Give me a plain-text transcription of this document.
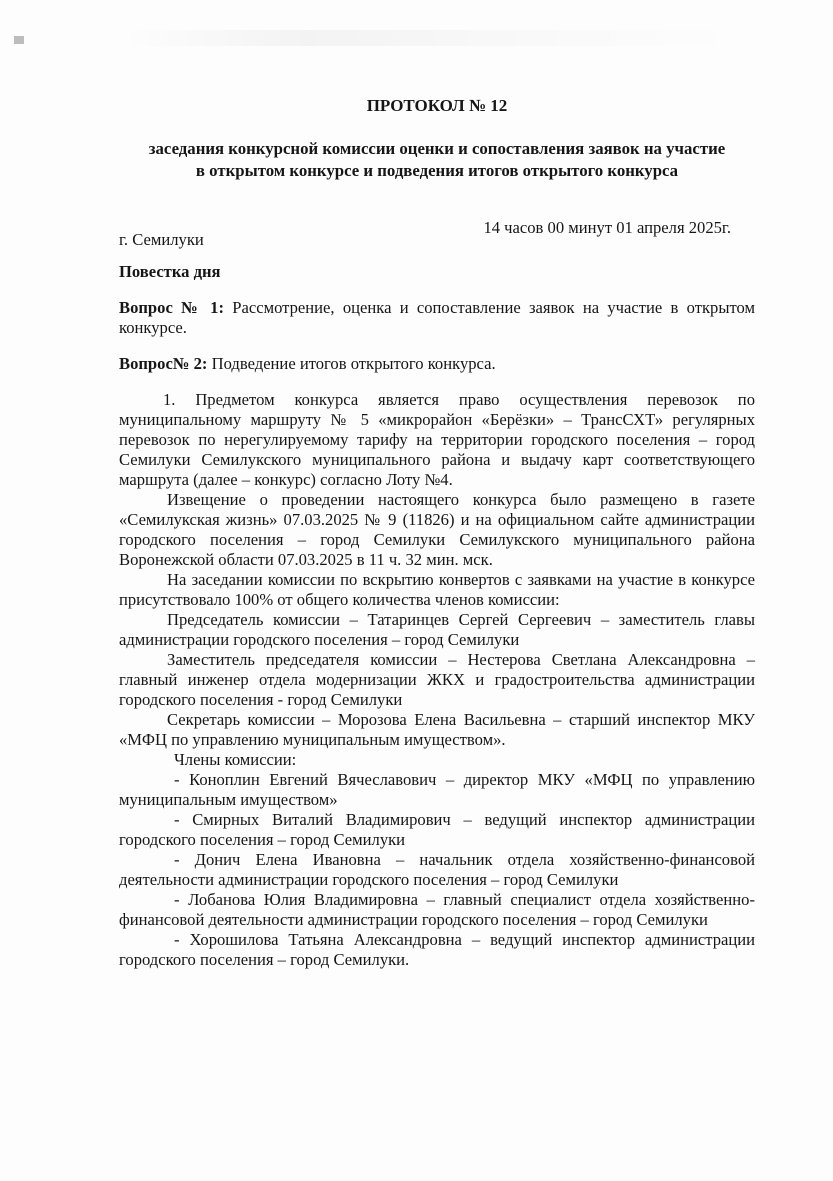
ПРОТОКОЛ № 12
заседания конкурсной комиссии оценки и сопоставления заявок на участие
в открытом конкурсе и подведения итогов открытого конкурса
г. Семилуки
14 часов 00 минут 01 апреля 2025г.
Повестка дня

Вопрос № 1: Рассмотрение, оценка и сопоставление заявок на участие в открытом конкурсе.

Вопрос№ 2: Подведение итогов открытого конкурса.

1. Предметом конкурса является право осуществления перевозок по муниципальному маршруту № 5 «микрорайон «Берёзки» – ТрансСХТ» регулярных перевозок по нерегулируемому тарифу на территории городского поселения – город Семилуки Семилукского муниципального района и выдачу карт соответствующего маршрута (далее – конкурс) согласно Лоту №4.

Извещение о проведении настоящего конкурса было размещено в газете «Семилукская жизнь» 07.03.2025 № 9 (11826) и на официальном сайте администрации городского поселения – город Семилуки Семилукского муниципального района Воронежской области 07.03.2025 в 11 ч. 32 мин. мск.

На заседании комиссии по вскрытию конвертов с заявками на участие в конкурсе присутствовало 100% от общего количества членов комиссии:

Председатель комиссии – Татаринцев Сергей Сергеевич – заместитель главы администрации городского поселения – город Семилуки

Заместитель председателя комиссии – Нестерова Светлана Александровна – главный инженер отдела модернизации ЖКХ и градостроительства администрации городского поселения - город Семилуки

Секретарь комиссии – Морозова Елена Васильевна – старший инспектор МКУ «МФЦ по управлению муниципальным имуществом».

Члены комиссии:

- Коноплин Евгений Вячеславович – директор МКУ «МФЦ по управлению муниципальным имуществом»

- Смирных Виталий Владимирович – ведущий инспектор администрации городского поселения – город Семилуки

- Донич Елена Ивановна – начальник отдела хозяйственно-финансовой деятельности администрации городского поселения – город Семилуки

- Лобанова Юлия Владимировна – главный специалист отдела хозяйственно-финансовой деятельности администрации городского поселения – город Семилуки

- Хорошилова Татьяна Александровна – ведущий инспектор администрации городского поселения – город Семилуки.
